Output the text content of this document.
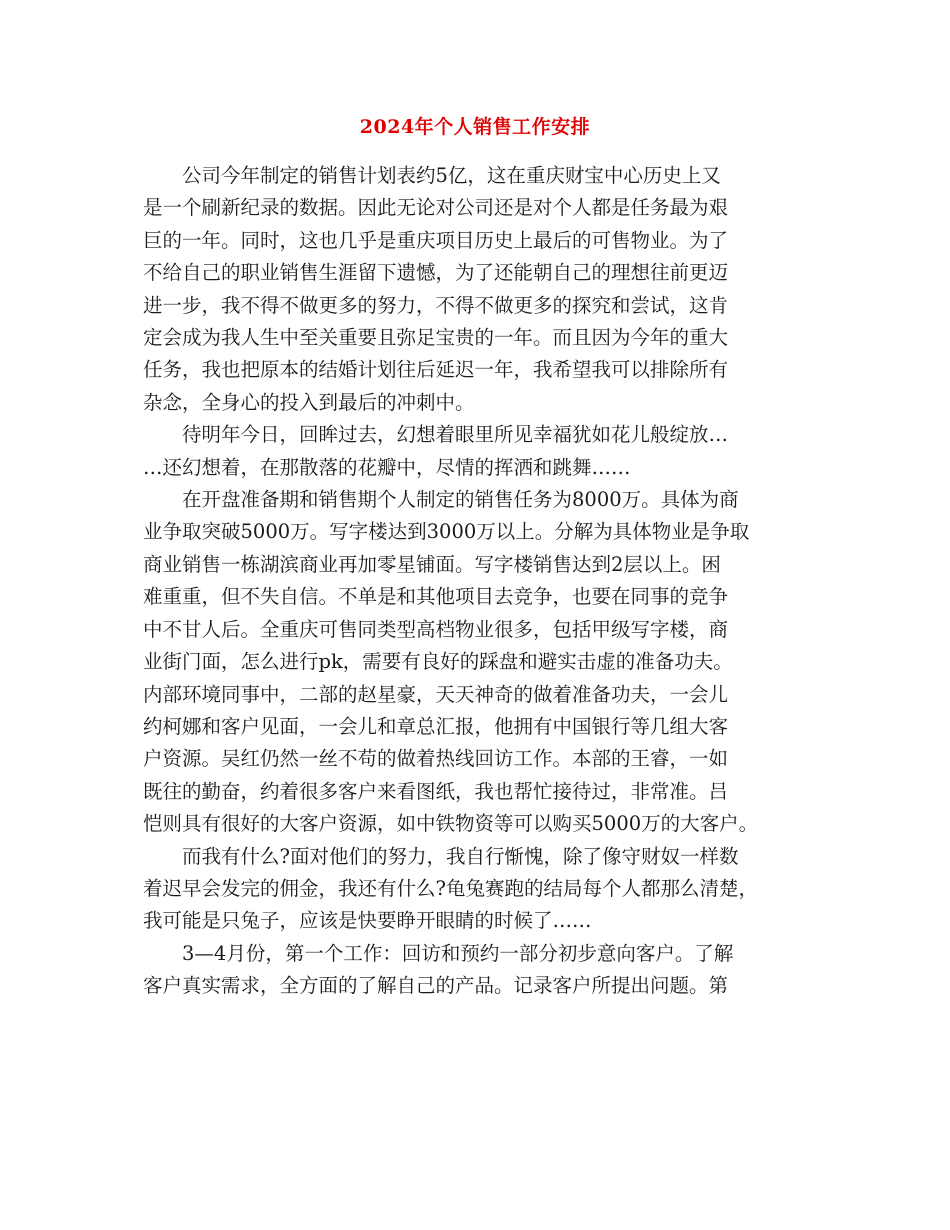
2024年个人销售工作安排

公司今年制定的销售计划表约5亿，这在重庆财宝中心历史上又
是一个刷新纪录的数据。因此无论对公司还是对个人都是任务最为艰
巨的一年。同时，这也几乎是重庆项目历史上最后的可售物业。为了
不给自己的职业销售生涯留下遗憾，为了还能朝自己的理想往前更迈
进一步，我不得不做更多的努力，不得不做更多的探究和尝试，这肯
定会成为我人生中至关重要且弥足宝贵的一年。而且因为今年的重大
任务，我也把原本的结婚计划往后延迟一年，我希望我可以排除所有
杂念，全身心的投入到最后的冲刺中。

待明年今日，回眸过去，幻想着眼里所见幸福犹如花儿般绽放…
…还幻想着，在那散落的花瓣中，尽情的挥洒和跳舞……

在开盘准备期和销售期个人制定的销售任务为8000万。具体为商
业争取突破5000万。写字楼达到3000万以上。分解为具体物业是争取
商业销售一栋湖滨商业再加零星铺面。写字楼销售达到2层以上。困
难重重，但不失自信。不单是和其他项目去竞争，也要在同事的竞争
中不甘人后。全重庆可售同类型高档物业很多，包括甲级写字楼，商
业街门面，怎么进行pk，需要有良好的踩盘和避实击虚的准备功夫。
内部环境同事中，二部的赵星豪，天天神奇的做着准备功夫，一会儿
约柯娜和客户见面，一会儿和章总汇报，他拥有中国银行等几组大客
户资源。吴红仍然一丝不苟的做着热线回访工作。本部的王睿，一如
既往的勤奋，约着很多客户来看图纸，我也帮忙接待过，非常准。吕
恺则具有很好的大客户资源，如中铁物资等可以购买5000万的大客户。

而我有什么?面对他们的努力，我自行惭愧，除了像守财奴一样数
着迟早会发完的佣金，我还有什么?龟兔赛跑的结局每个人都那么清楚，
我可能是只兔子，应该是快要睁开眼睛的时候了……

3—4月份，第一个工作：回访和预约一部分初步意向客户。了解
客户真实需求，全方面的了解自己的产品。记录客户所提出问题。第
